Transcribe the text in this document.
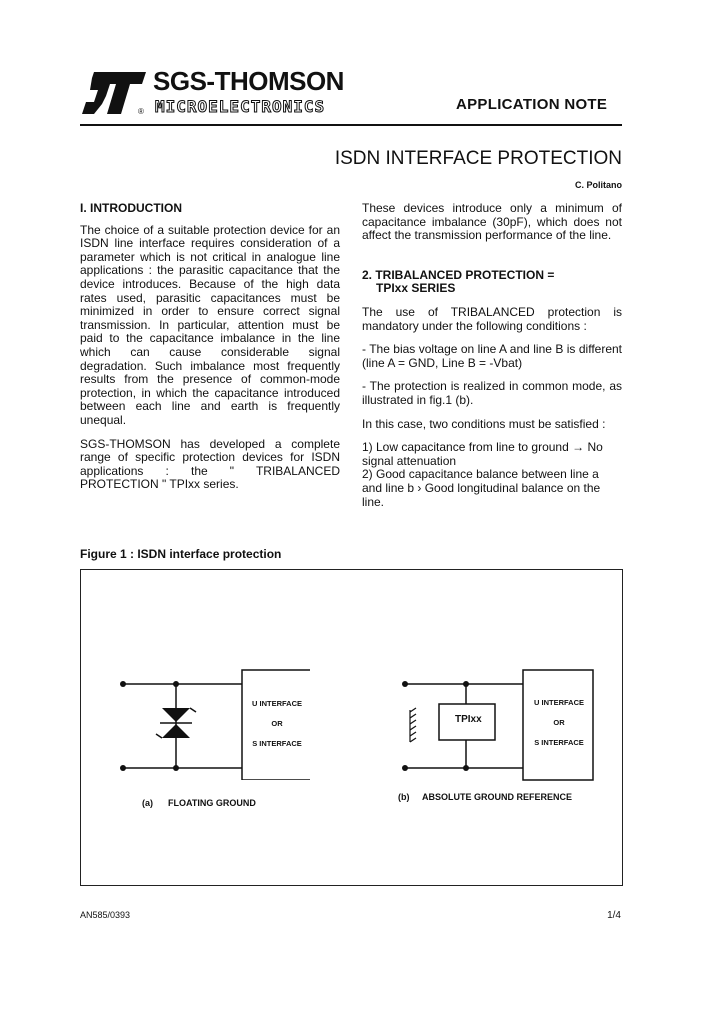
®
SGS-THOMSON
MICROELECTRONICS	APPLICATION NOTE
ISDN INTERFACE PROTECTION
C. Politano
I. INTRODUCTION

The choice of a suitable protection device for an ISDN line interface requires consideration of a parameter which is not critical in analogue line applications : the parasitic capacitance that the device introduces. Because of the high data rates used, parasitic capacitances must be minimized in order to ensure correct signal transmission. In particular, attention must be paid to the capacitance imbalance in the line which can cause considerable signal degradation. Such imbalance most frequently results from the presence of common-mode protection, in which the capacitance introduced between each line and earth is frequently unequal.

SGS-THOMSON has developed a complete range of specific protection devices for ISDN applications : the " TRIBALANCED PROTECTION " TPIxx series.

These devices introduce only a minimum of capacitance imbalance (30pF), which does not affect the transmission performance of the line.

2. TRIBALANCED PROTECTION =
TPIxx SERIES

The use of TRIBALANCED protection is mandatory under the following conditions :

- The bias voltage on line A and line B is different (line A = GND, Line B = -Vbat)

- The protection is realized in common mode, as illustrated in fig.1 (b).

In this case, two conditions must be satisfied :

1) Low capacitance from line to ground → No signal attenuation
2) Good capacitance balance between line a and line b › Good longitudinal balance on the line.

Figure 1 : ISDN interface protection
U INTERFACE
OR
S INTERFACE
(a) FLOATING GROUND
TPIxx
U INTERFACE
OR
S INTERFACE
(b) ABSOLUTE GROUND REFERENCE
AN585/0393	1/4
